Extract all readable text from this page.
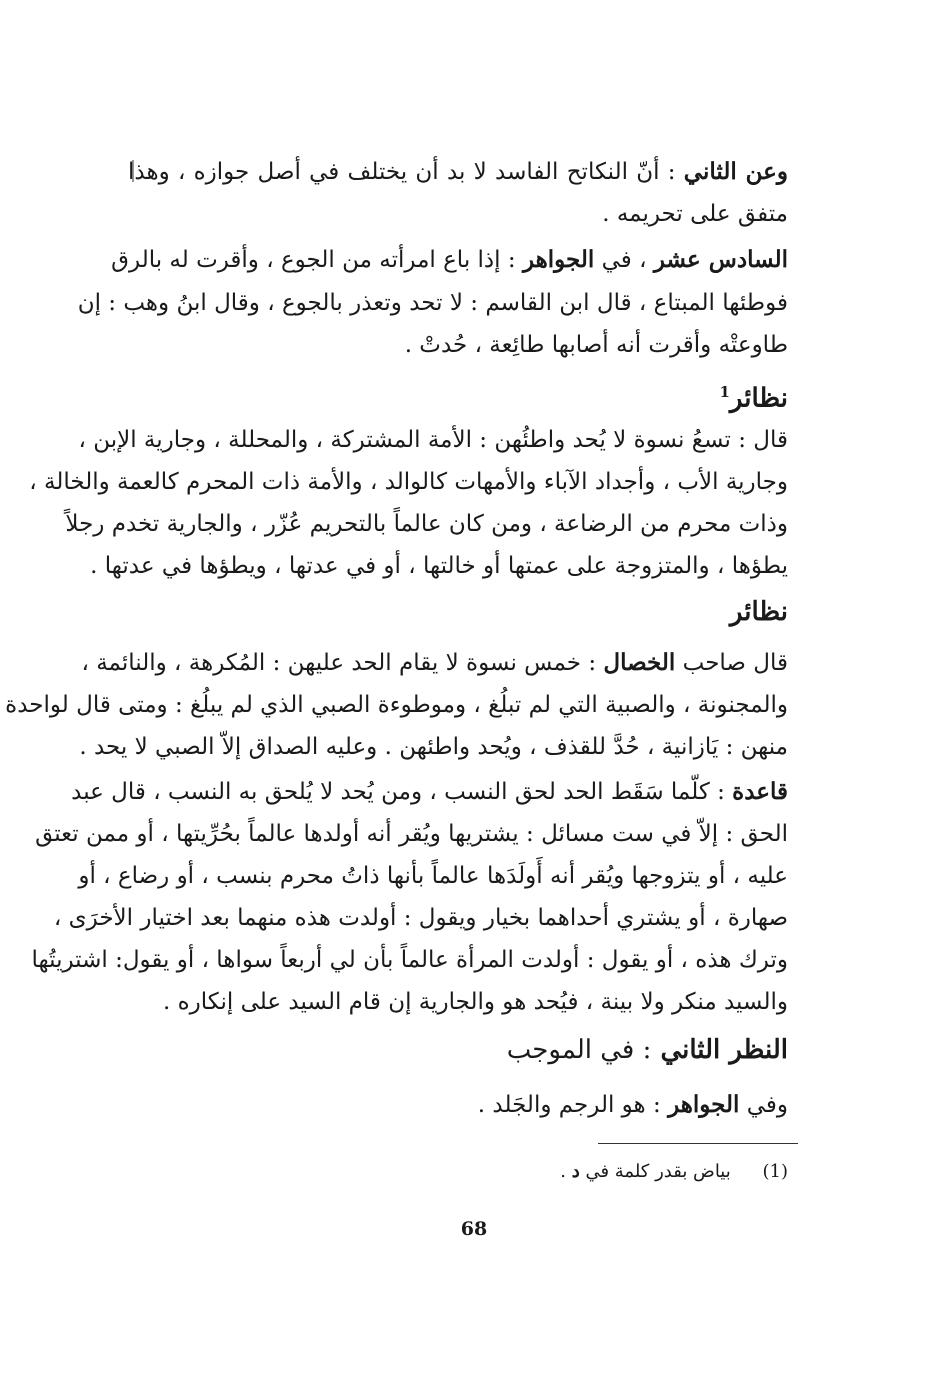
وعن الثاني : أنّ النكاتح الفاسد لا بد أن يختلف في أصل جوازه ، وهذا
متفق على تحريمه .
السادس عشر ، في الجواهر : إذا باع امرأته من الجوع ، وأقرت له بالرق
فوطئها المبتاع ، قال ابن القاسم : لا تحد وتعذر بالجوع ، وقال ابنُ وهب : إن
طاوعتْه وأقرت أنه أصابها طائِعة ، حُدتْ .
نظائر$^1$
قال : تسعُ نسوة لا يُحد واطئُهن : الأمة المشتركة ، والمحللة ، وجارية الإبن ،
وجارية الأب ، وأجداد الآباء والأمهات كالوالد ، والأمة ذات المحرم كالعمة والخالة ،
وذات محرم من الرضاعة ، ومن كان عالماً بالتحريم عُزّر ، والجارية تخدم رجلاً
يطؤها ، والمتزوجة على عمتها أو خالتها ، أو في عدتها ، ويطؤها في عدتها .
نظائر
قال صاحب الخصال : خمس نسوة لا يقام الحد عليهن : المُكرهة ، والنائمة ،
والمجنونة ، والصبية التي لم تبلُغ ، وموطوءة الصبي الذي لم يبلُغ : ومتى قال لواحدة
منهن : يَازانية ، حُدَّ للقذف ، ويُحد واطئهن . وعليه الصداق إلاّ الصبي لا يحد .
قاعدة : كلّما سَقَط الحد لحق النسب ، ومن يُحد لا يُلحق به النسب ، قال عبد
الحق : إلاّ في ست مسائل : يشتريها ويُقر أنه أولدها عالماً بحُرِّيتها ، أو ممن تعتق
عليه ، أو يتزوجها ويُقر أنه أَولَدَها عالماً بأنها ذاتُ محرم بنسب ، أو رضاع ، أو
صهارة ، أو يشتري أحداهما بخيار ويقول : أولدت هذه منهما بعد اختيار الأخرَى ،
وترك هذه ، أو يقول : أولدت المرأة عالماً بأن لي أربعاً سواها ، أو يقول: اشتريتُها
والسيد منكر ولا بينة ، فيُحد هو والجارية إن قام السيد على إنكاره .
النظر الثاني : في الموجب
وفي الجواهر : هو الرجم والجَلد .
(1) بياض بقدر كلمة في د .
68
